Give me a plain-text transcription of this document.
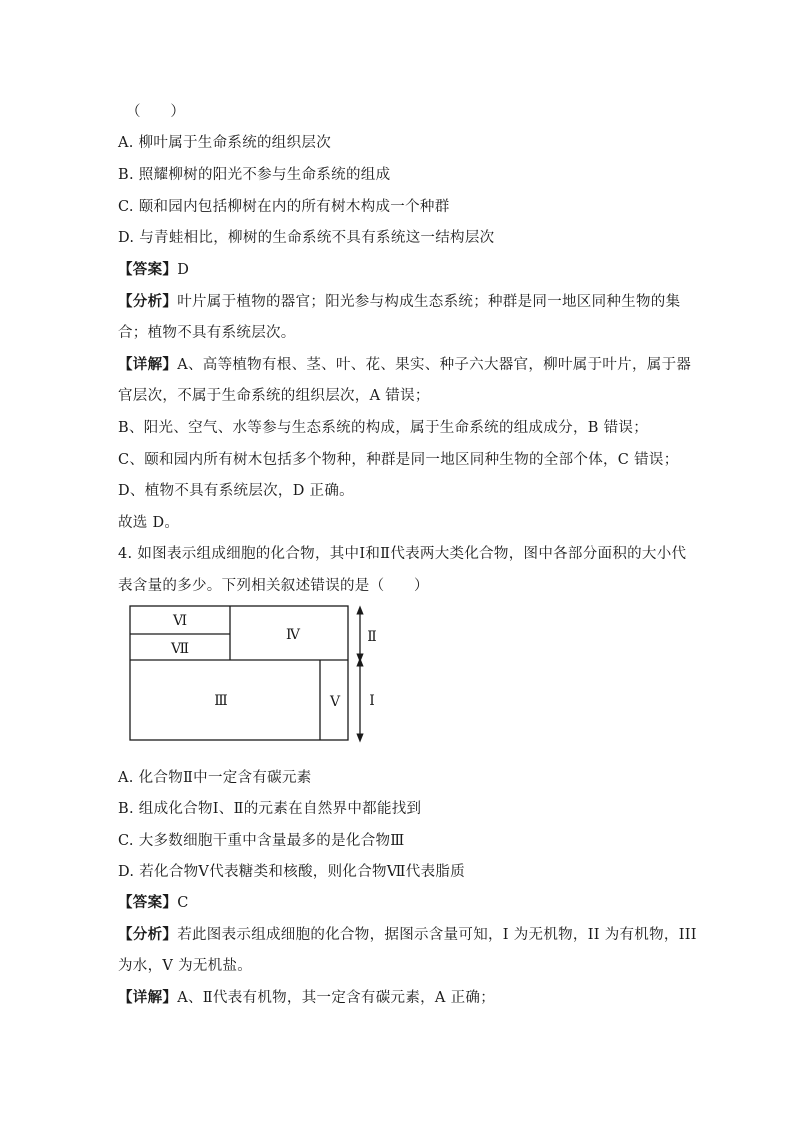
（　　）
A. 柳叶属于生命系统的组织层次
B. 照耀柳树的阳光不参与生命系统的组成
C. 颐和园内包括柳树在内的所有树木构成一个种群
D. 与青蛙相比，柳树的生命系统不具有系统这一结构层次
【答案】D
【分析】叶片属于植物的器官；阳光参与构成生态系统；种群是同一地区同种生物的集
合；植物不具有系统层次。
【详解】A、高等植物有根、茎、叶、花、果实、种子六大器官，柳叶属于叶片，属于器
官层次，不属于生命系统的组织层次，A 错误；
B、阳光、空气、水等参与生态系统的构成，属于生命系统的组成成分，B 错误；
C、颐和园内所有树木包括多个物种，种群是同一地区同种生物的全部个体，C 错误；
D、植物不具有系统层次，D 正确。
故选 D。
4. 如图表示组成细胞的化合物，其中Ⅰ和Ⅱ代表两大类化合物，图中各部分面积的大小代
表含量的多少。下列相关叙述错误的是（　　）
Ⅵ
Ⅶ
Ⅳ
Ⅲ	Ⅴ
Ⅱ
Ⅰ
A. 化合物Ⅱ中一定含有碳元素
B. 组成化合物Ⅰ、Ⅱ的元素在自然界中都能找到
C. 大多数细胞干重中含量最多的是化合物Ⅲ
D. 若化合物Ⅴ代表糖类和核酸，则化合物Ⅶ代表脂质
【答案】C
【分析】若此图表示组成细胞的化合物，据图示含量可知，I 为无机物，II 为有机物，III
为水，V 为无机盐。
【详解】A、Ⅱ代表有机物，其一定含有碳元素，A 正确；
